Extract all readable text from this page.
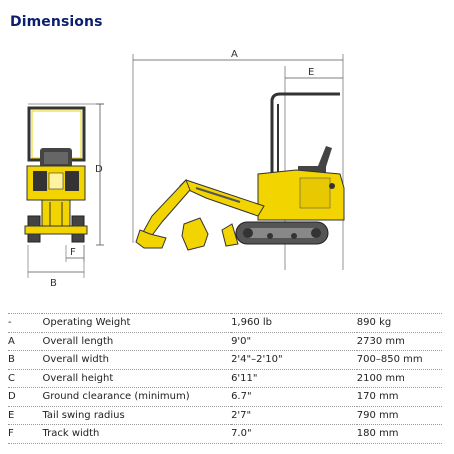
Dimensions
D
B
F
A
E
-	Operating Weight	1,960 lb	890 kg
A	Overall length	9'0"	2730 mm
B	Overall width	2'4"–2'10"	700–850 mm
C	Overall height	6'11"	2100 mm
D	Ground clearance (minimum)	6.7"	170 mm
E	Tail swing radius	2'7"	790 mm
F	Track width	7.0"	180 mm
